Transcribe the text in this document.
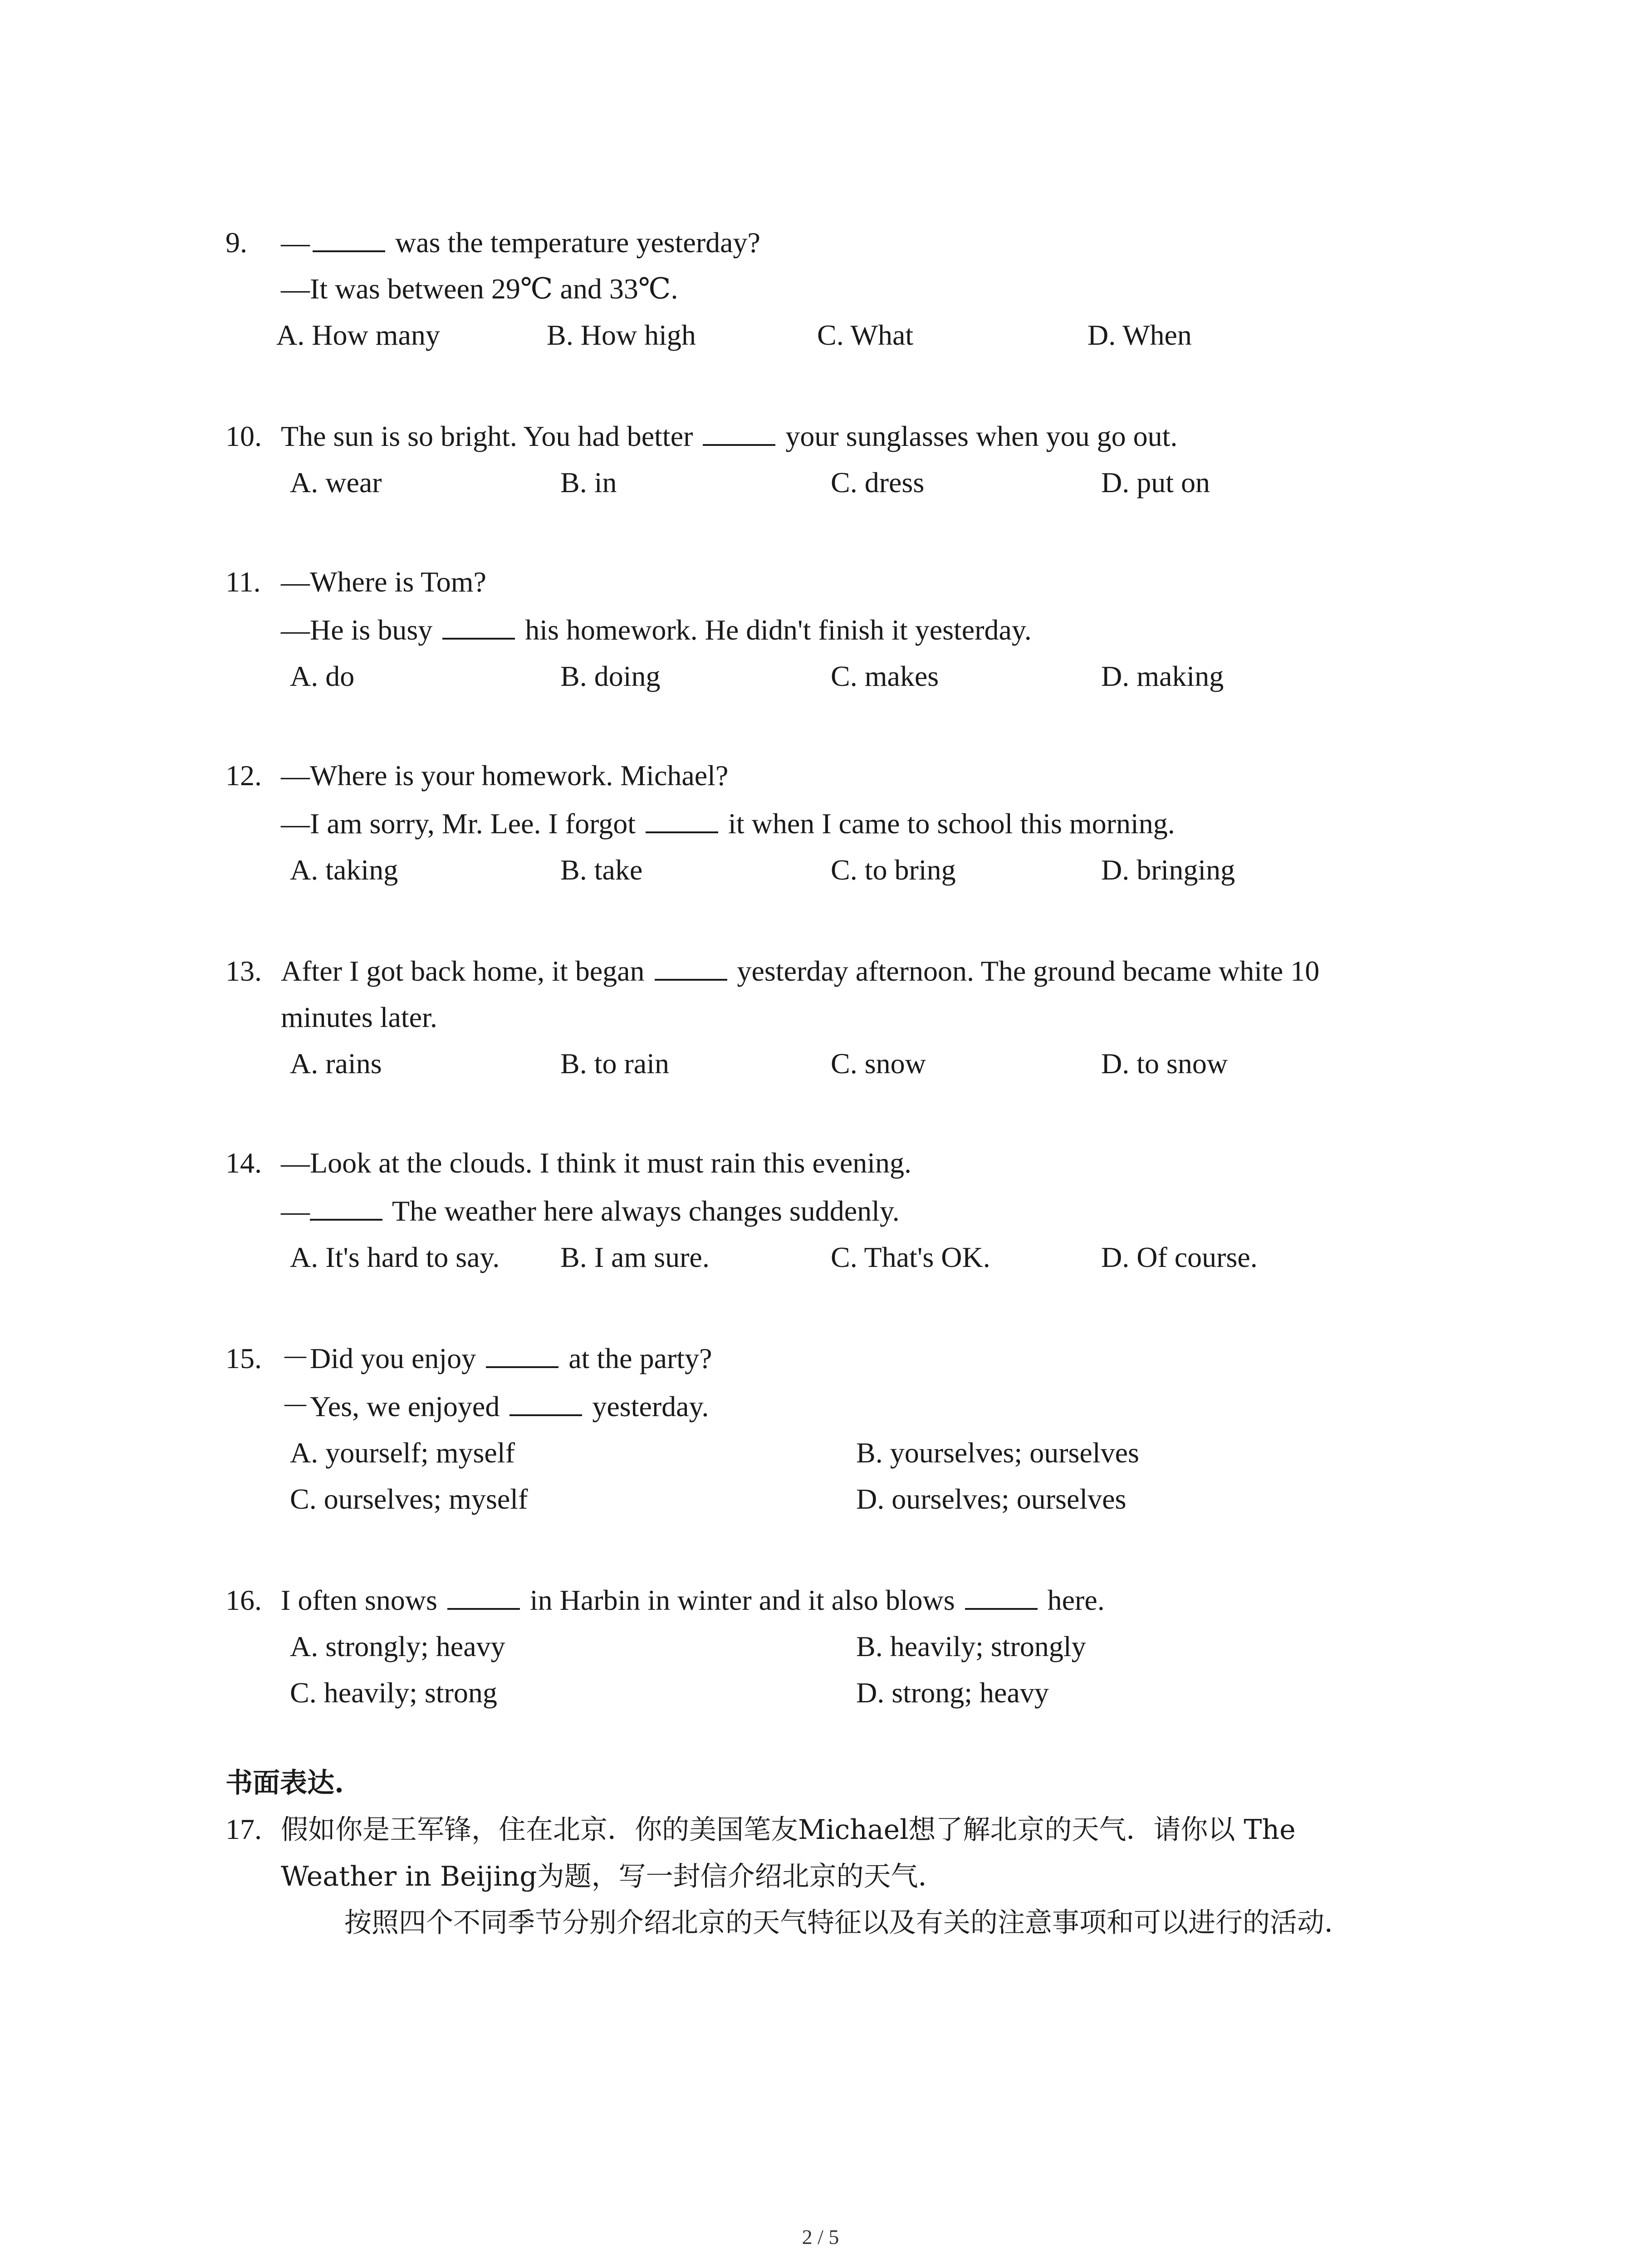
9. —	was the temperature yesterday?
—It was between 29℃ and 33℃.
A. How many	B. How high	C. What	D. When
10. The sun is so bright. You had better	your sunglasses when you go out.
A. wear	B. in	C. dress	D. put on
11. —Where is Tom?
—He is busy	his homework. He didn't finish it yesterday.
A. do	B. doing	C. makes	D. making
12. —Where is your homework. Michael?
—I am sorry, Mr. Lee. I forgot	it when I came to school this morning.
A. taking	B. take	C. to bring	D. bringing
13. After I got back home, it began	yesterday afternoon. The ground became white 10
minutes later.
A. rains	B. to rain	C. snow	D. to snow
14. —Look at the clouds. I think it must rain this evening.
—	The weather here always changes suddenly.
A. It's hard to say.	B. I am sure.	C. That's OK.	D. Of course.
15. －Did you enjoy	at the party?
－Yes, we enjoyed	yesterday.
A. yourself; myself	B. yourselves; ourselves
C. ourselves; myself	D. ourselves; ourselves
16. I often snows	in Harbin in winter and it also blows	here.
A. strongly; heavy	B. heavily; strongly
C. heavily; strong	D. strong; heavy
书面表达.
17. 假如你是王军锋，住在北京．你的美国笔友Michael想了解北京的天气．请你以 The
Weather in Beijing为题，写一封信介绍北京的天气．
按照四个不同季节分别介绍北京的天气特征以及有关的注意事项和可以进行的活动．
2 / 5
